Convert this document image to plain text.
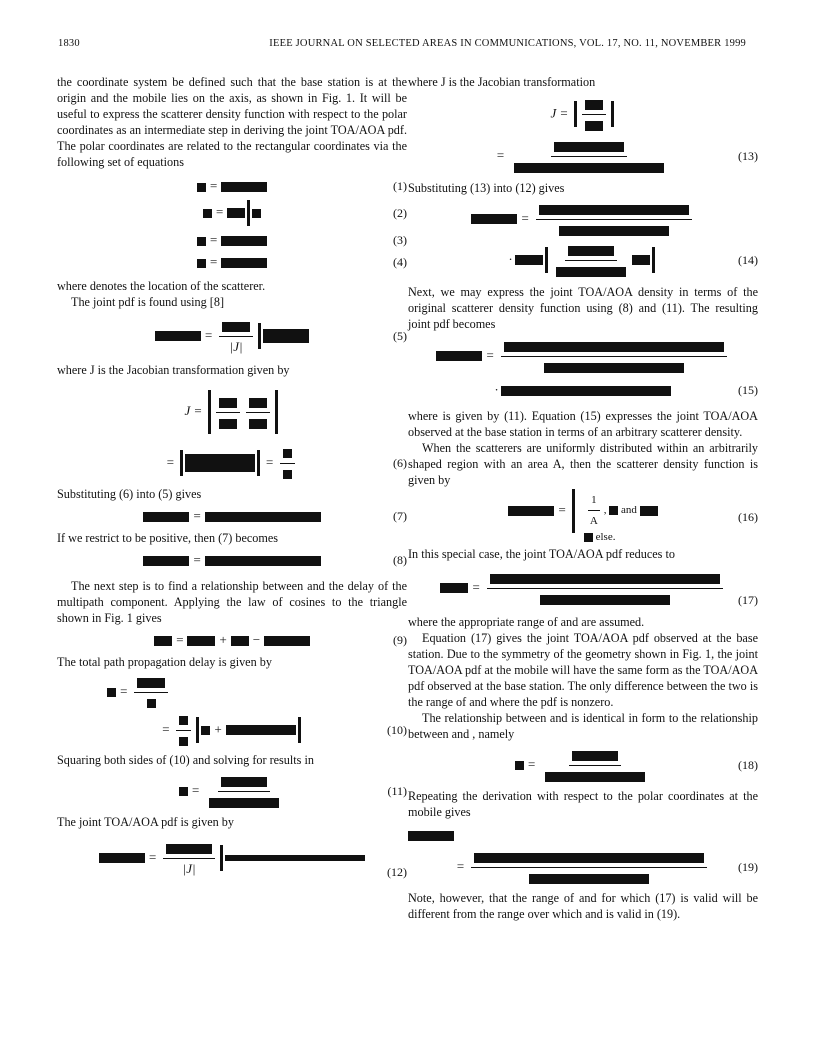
1830	IEEE JOURNAL ON SELECTED AREAS IN COMMUNICATIONS, VOL. 17, NO. 11, NOVEMBER 1999

the coordinate system be defined such that the base station is at the origin and the mobile lies on the axis, as shown in Fig. 1. It will be useful to express the scatterer density function with respect to the polar coordinates as an intermediate step in deriving the joint TOA/AOA pdf. The polar coordinates are related to the rectangular coordinates via the following set of equations

=	(1)
=	(2)
=	(3)
=	(4)

where denotes the location of the scatterer.

The joint pdf is found using [8]

=
|J|
(5)

where J is the Jacobian transformation given by

J =
=	=	(6)

Substituting (6) into (5) gives

=	(7)

If we restrict to be positive, then (7) becomes

=	(8)

The next step is to find a relationship between and the delay of the multipath component. Applying the law of cosines to the triangle shown in Fig. 1 gives

=  +  −	(9)

The total path propagation delay is given by

=
=	+	(10)

Squaring both sides of (10) and solving for results in

=	(11)

The joint TOA/AOA pdf is given by

=
|J|	(12)

where J is the Jacobian transformation

J =
=	(13)

Substituting (13) into (12) gives

=
·	(14)

Next, we may express the joint TOA/AOA density in terms of the original scatterer density function using (8) and (11). The resulting joint pdf becomes

=
·	(15)

where is given by (11). Equation (15) expresses the joint TOA/AOA observed at the base station in terms of an arbitrary scatterer density.

When the scatterers are uniformly distributed within an arbitrarily shaped region with an area A, then the scatterer density function is given by

= $\frac{1}{A}$ ,  and
else.
(16)

In this special case, the joint TOA/AOA pdf reduces to

=
(17)

where the appropriate range of and are assumed.

Equation (17) gives the joint TOA/AOA pdf observed at the base station. Due to the symmetry of the geometry shown in Fig. 1, the joint TOA/AOA pdf at the mobile will have the same form as the TOA/AOA pdf observed at the base station. The only difference between the two is the range of and where the pdf is nonzero.

The relationship between and is identical in form to the relationship between and , namely

=	(18)

Repeating the derivation with respect to the polar coordinates at the mobile gives

=	(19)

Note, however, that the range of and for which (17) is valid will be different from the range over which and is valid in (19).
